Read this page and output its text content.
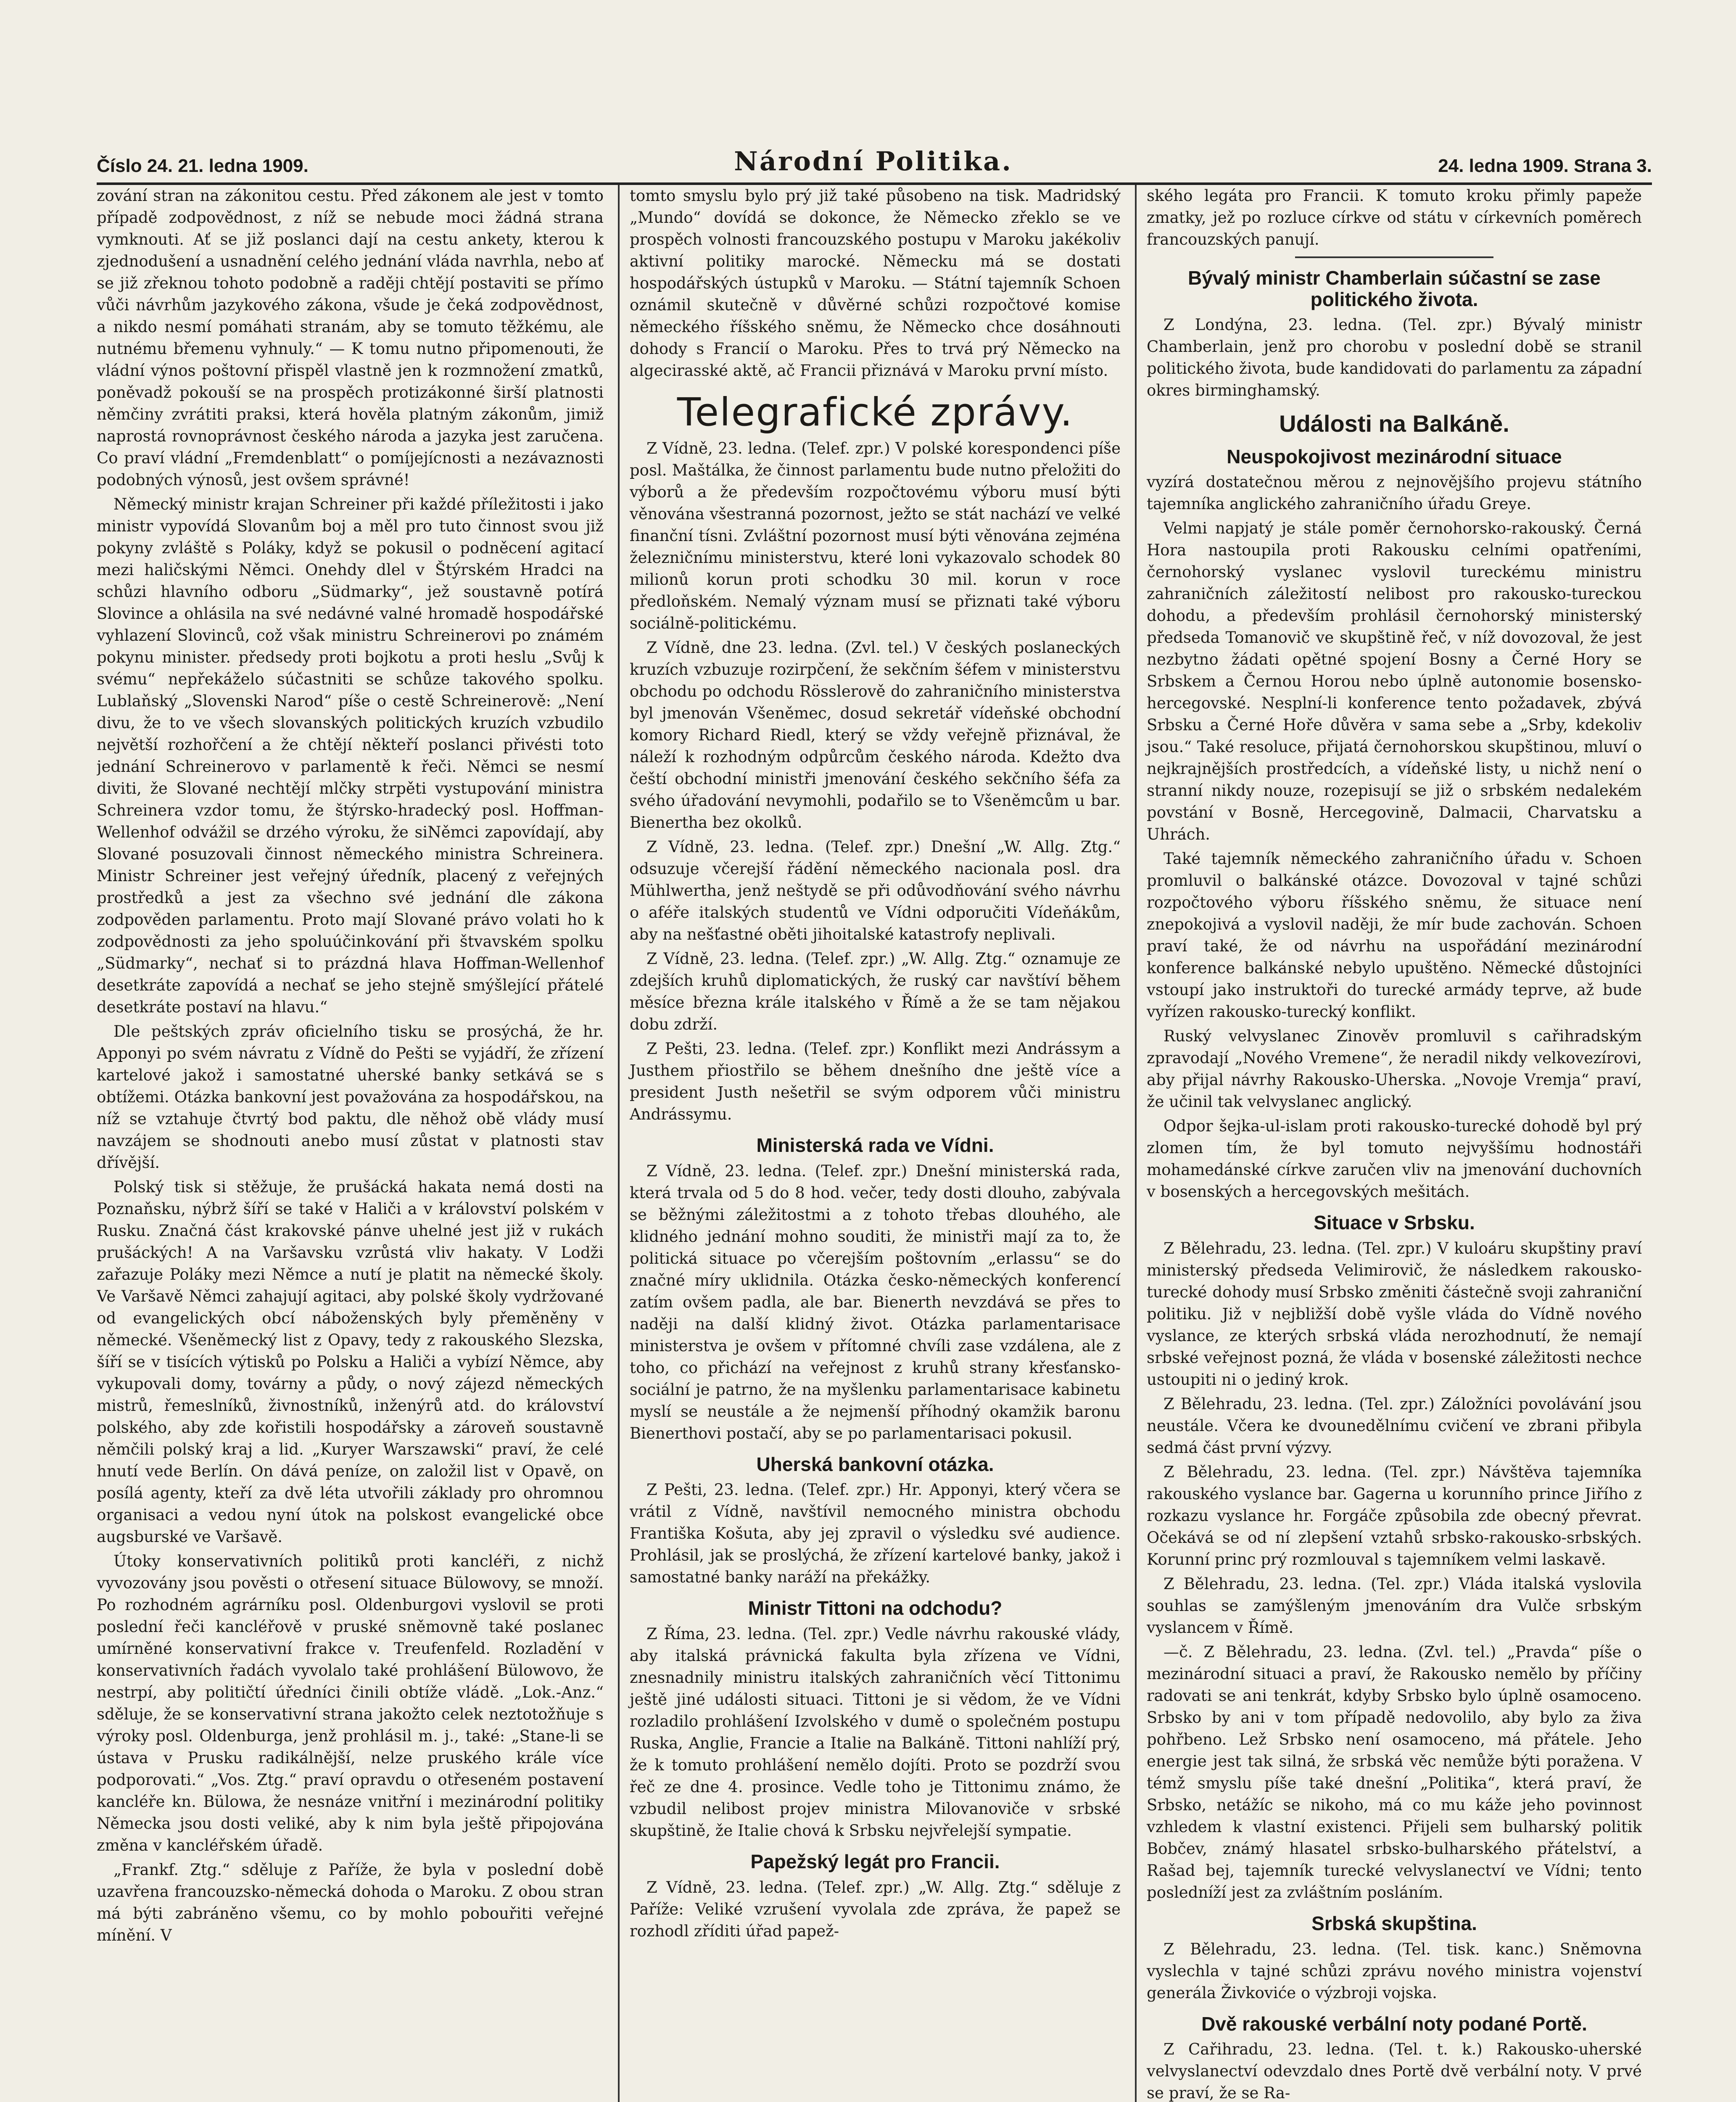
Číslo 24. 21. ledna 1909.	Národní Politika.	24. ledna 1909. Strana 3.

zování stran na zákonitou cestu. Před zákonem ale jest v tomto případě zodpovědnost, z níž se nebude moci žádná strana vymknouti. Ať se již poslanci dají na cestu ankety, kterou k zjednodušení a usnadnění celého jednání vláda navrhla, nebo ať se již zřeknou tohoto podobně a raději chtějí postaviti se přímo vůči návrhům jazykového zákona, všude je čeká zodpovědnost, a nikdo nesmí pomáhati stranám, aby se tomuto těžkému, ale nutnému břemenu vyhnuly.“ — K tomu nutno připomenouti, že vládní výnos poštovní přispěl vlastně jen k rozmnožení zmatků, poněvadž pokouší se na prospěch protizákonné širší platnosti němčiny zvrátiti praksi, která hověla platným zákonům, jimiž naprostá rovnoprávnost českého národa a jazyka jest zaručena. Co praví vládní „Fremdenblatt“ o pomíjejícnosti a nezávaznosti podobných výnosů, jest ovšem správné!

Německý ministr krajan Schreiner při každé příležitosti i jako ministr vypovídá Slovanům boj a měl pro tuto činnost svou již pokyny zvláště s Poláky, když se pokusil o podněcení agitací mezi haličskými Němci. Onehdy dlel v Štýrském Hradci na schůzi hlavního odboru „Südmarky“, jež soustavně potírá Slovince a ohlásila na své nedávné valné hromadě hospodářské vyhlazení Slovinců, což však ministru Schreinerovi po známém pokynu minister. předsedy proti bojkotu a proti heslu „Svůj k svému“ nepřekáželo súčastniti se schůze takového spolku. Lublaňský „Slovenski Narod“ píše o cestě Schreinerově: „Není divu, že to ve všech slovanských politických kruzích vzbudilo největší rozhořčení a že chtějí někteří poslanci přivésti toto jednání Schreinerovo v parlamentě k řeči. Němci se nesmí diviti, že Slované nechtějí mlčky strpěti vystupování ministra Schreinera vzdor tomu, že štýrsko-hradecký posl. Hoffman-Wellenhof odvážil se drzého výroku, že siNěmci zapovídají, aby Slované posuzovali činnost německého ministra Schreinera. Ministr Schreiner jest veřejný úředník, placený z veřejných prostředků a jest za všechno své jednání dle zákona zodpověden parlamentu. Proto mají Slované právo volati ho k zodpovědnosti za jeho spoluúčinkování při štvavském spolku „Südmarky“, nechať si to prázdná hlava Hoffman-Wellenhof desetkráte zapovídá a nechať se jeho stejně smýšlející přátelé desetkráte postaví na hlavu.“

Dle peštských zpráv oficielního tisku se prosýchá, že hr. Apponyi po svém návratu z Vídně do Pešti se vyjádří, že zřízení kartelové jakož i samostatné uherské banky setkává se s obtížemi. Otázka bankovní jest považována za hospodářskou, na níž se vztahuje čtvrtý bod paktu, dle něhož obě vlády musí navzájem se shodnouti anebo musí zůstat v platnosti stav dřívější.

Polský tisk si stěžuje, že prušácká hakata nemá dosti na Poznaňsku, nýbrž šíří se také v Haliči a v království polském v Rusku. Značná část krakovské pánve uhelné jest již v rukách prušáckých! A na Varšavsku vzrůstá vliv hakaty. V Lodži zařazuje Poláky mezi Němce a nutí je platit na německé školy. Ve Varšavě Němci zahajují agitaci, aby polské školy vydržované od evangelických obcí náboženských byly přeměněny v německé. Všeněmecký list z Opavy, tedy z rakouského Slezska, šíří se v tisících výtisků po Polsku a Haliči a vybízí Němce, aby vykupovali domy, továrny a půdy, o nový zájezd německých mistrů, řemeslníků, živnostníků, inženýrů atd. do království polského, aby zde kořistili hospodářsky a zároveň soustavně němčili polský kraj a lid. „Kuryer Warszawski“ praví, že celé hnutí vede Berlín. On dává peníze, on založil list v Opavě, on posílá agenty, kteří za dvě léta utvořili základy pro ohromnou organisaci a vedou nyní útok na polskost evangelické obce augsburské ve Varšavě.

Útoky konservativních politiků proti kancléři, z nichž vyvozovány jsou pověsti o otřesení situace Bülowovy, se množí. Po rozhodném agrárníku posl. Oldenburgovi vyslovil se proti poslední řeči kancléřově v pruské sněmovně také poslanec umírněné konservativní frakce v. Treufenfeld. Rozladění v konservativních řadách vyvolalo také prohlášení Bülowovo, že nestrpí, aby političtí úředníci činili obtíže vládě. „Lok.-Anz.“ sděluje, že se konservativní strana jakožto celek neztotožňuje s výroky posl. Oldenburga, jenž prohlásil m. j., také: „Stane-li se ústava v Prusku radikálnější, nelze pruského krále více podporovati.“ „Vos. Ztg.“ praví opravdu o otřeseném postavení kancléře kn. Bülowa, že nesnáze vnitřní i mezinárodní politiky Německa jsou dosti veliké, aby k nim byla ještě připojována změna v kancléřském úřadě.

„Frankf. Ztg.“ sděluje z Paříže, že byla v poslední době uzavřena francouzsko-německá dohoda o Maroku. Z obou stran má býti zabráněno všemu, co by mohlo pobouřiti veřejné mínění. V

tomto smyslu bylo prý již také působeno na tisk. Madridský „Mundo“ dovídá se dokonce, že Německo zřeklo se ve prospěch volnosti francouzského postupu v Maroku jakékoliv aktivní politiky marocké. Německu má se dostati hospodářských ústupků v Maroku. — Státní tajemník Schoen oznámil skutečně v důvěrné schůzi rozpočtové komise německého říšského sněmu, že Německo chce dosáhnouti dohody s Francií o Maroku. Přes to trvá prý Německo na algecirasské aktě, ač Francii přiznává v Maroku první místo.

Telegrafické zprávy.

Z Vídně, 23. ledna. (Telef. zpr.) V polské korespondenci píše posl. Maštálka, že činnost parlamentu bude nutno přeložiti do výborů a že především rozpočtovému výboru musí býti věnována všestranná pozornost, ježto se stát nachází ve velké finanční tísni. Zvláštní pozornost musí býti věnována zejména železničnímu ministerstvu, které loni vykazovalo schodek 80 milionů korun proti schodku 30 mil. korun v roce předloňském. Nemalý význam musí se přiznati také výboru sociálně-politickému.

Z Vídně, dne 23. ledna. (Zvl. tel.) V českých poslaneckých kruzích vzbuzuje rozirpčení, že sekčním šéfem v ministerstvu obchodu po odchodu Rösslerově do zahraničního ministerstva byl jmenován Všeněmec, dosud sekretář vídeňské obchodní komory Richard Riedl, který se vždy veřejně přiznával, že náleží k rozhodným odpůrcům českého národa. Kdežto dva čeští obchodní ministři jmenování českého sekčního šéfa za svého úřadování nevymohli, podařilo se to Všeněmcům u bar. Bienertha bez okolků.

Z Vídně, 23. ledna. (Telef. zpr.) Dnešní „W. Allg. Ztg.“ odsuzuje včerejší řádění německého nacionala posl. dra Mühlwertha, jenž neštydě se při odůvodňování svého návrhu o aféře italských studentů ve Vídni odporučiti Vídeňákům, aby na nešťastné oběti jihoitalské katastrofy neplivali.

Z Vídně, 23. ledna. (Telef. zpr.) „W. Allg. Ztg.“ oznamuje ze zdejších kruhů diplomatických, že ruský car navštíví během měsíce března krále italského v Římě a že se tam nějakou dobu zdrží.

Z Pešti, 23. ledna. (Telef. zpr.) Konflikt mezi Andrássym a Justhem přiostřilo se během dnešního dne ještě více a president Justh nešetřil se svým odporem vůči ministru Andrássymu.

Ministerská rada ve Vídni.

Z Vídně, 23. ledna. (Telef. zpr.) Dnešní ministerská rada, která trvala od 5 do 8 hod. večer, tedy dosti dlouho, zabývala se běžnými záležitostmi a z tohoto třebas dlouhého, ale klidného jednání mohno souditi, že ministři mají za to, že politická situace po včerejším poštovním „erlassu“ se do značné míry uklidnila. Otázka česko-německých konferencí zatím ovšem padla, ale bar. Bienerth nevzdává se přes to naději na další klidný život. Otázka parlamentarisace ministerstva je ovšem v přítomné chvíli zase vzdálena, ale z toho, co přichází na veřejnost z kruhů strany křesťansko-sociální je patrno, že na myšlenku parlamentarisace kabinetu myslí se neustále a že nejmenší příhodný okamžik baronu Bienerthovi postačí, aby se po parlamentarisaci pokusil.

Uherská bankovní otázka.

Z Pešti, 23. ledna. (Telef. zpr.) Hr. Apponyi, který včera se vrátil z Vídně, navštívil nemocného ministra obchodu Františka Košuta, aby jej zpravil o výsledku své audience. Prohlásil, jak se proslýchá, že zřízení kartelové banky, jakož i samostatné banky naráží na překážky.

Ministr Tittoni na odchodu?

Z Říma, 23. ledna. (Tel. zpr.) Vedle návrhu rakouské vlády, aby italská právnická fakulta byla zřízena ve Vídni, znesnadnily ministru italských zahraničních věcí Tittonimu ještě jiné události situaci. Tittoni je si vědom, že ve Vídni rozladilo prohlášení Izvolského v dumě o společném postupu Ruska, Anglie, Francie a Italie na Balkáně. Tittoni nahlíží prý, že k tomuto prohlášení nemělo dojíti. Proto se pozdrží svou řeč ze dne 4. prosince. Vedle toho je Tittonimu známo, že vzbudil nelibost projev ministra Milovanoviče v srbské skupštině, že Italie chová k Srbsku nejvřelejší sympatie.

Papežský legát pro Francii.

Z Vídně, 23. ledna. (Telef. zpr.) „W. Allg. Ztg.“ sděluje z Paříže: Veliké vzrušení vyvolala zde zpráva, že papež se rozhodl zříditi úřad papež-

ského legáta pro Francii. K tomuto kroku přimly papeže zmatky, jež po rozluce církve od státu v církevních poměrech francouzských panují.

Bývalý ministr Chamberlain súčastní se zase politického života.

Z Londýna, 23. ledna. (Tel. zpr.) Bývalý ministr Chamberlain, jenž pro chorobu v poslední době se stranil politického života, bude kandidovati do parlamentu za západní okres birminghamský.

Události na Balkáně.
Neuspokojivost mezinárodní situace

vyzírá dostatečnou měrou z nejnovějšího projevu státního tajemníka anglického zahraničního úřadu Greye.

Velmi napjatý je stále poměr černohorsko-rakouský. Černá Hora nastoupila proti Rakousku celními opatřeními, černohorský vyslanec vyslovil tureckému ministru zahraničních záležitostí nelibost pro rakousko-tureckou dohodu, a především prohlásil černohorský ministerský předseda Tomanovič ve skupštině řeč, v níž dovozoval, že jest nezbytno žádati opětné spojení Bosny a Černé Hory se Srbskem a Černou Horou nebo úplně autonomie bosensko-hercegovské. Nesplní-li konference tento požadavek, zbývá Srbsku a Černé Hoře důvěra v sama sebe a „Srby, kdekoliv jsou.“ Také resoluce, přijatá černohorskou skupštinou, mluví o nejkrajnějších prostředcích, a vídeňské listy, u nichž není o stranní nikdy nouze, rozepisují se již o srbském nedalekém povstání v Bosně, Hercegovině, Dalmacii, Charvatsku a Uhrách.

Také tajemník německého zahraničního úřadu v. Schoen promluvil o balkánské otázce. Dovozoval v tajné schůzi rozpočtového výboru říšského sněmu, že situace není znepokojivá a vyslovil naději, že mír bude zachován. Schoen praví také, že od návrhu na uspořádání mezinárodní konference balkánské nebylo upuštěno. Německé důstojníci vstoupí jako instruktoři do turecké armády teprve, až bude vyřízen rakousko-turecký konflikt.

Ruský velvyslanec Zinověv promluvil s cařihradským zpravodají „Nového Vremene“, že neradil nikdy velkovezírovi, aby přijal návrhy Rakousko-Uherska. „Novoje Vremja“ praví, že učinil tak velvyslanec anglický.

Odpor šejka-ul-islam proti rakousko-turecké dohodě byl prý zlomen tím, že byl tomuto nejvyššímu hodnostáři mohamedánské církve zaručen vliv na jmenování duchovních v bosenských a hercegovských mešitách.

Situace v Srbsku.

Z Bělehradu, 23. ledna. (Tel. zpr.) V kuloáru skupštiny praví ministerský předseda Velimirovič, že následkem rakousko-turecké dohody musí Srbsko změniti částečně svoji zahraniční politiku. Již v nejbližší době vyšle vláda do Vídně nového vyslance, ze kterých srbská vláda nerozhodnutí, že nemají srbské veřejnost pozná, že vláda v bosenské záležitosti nechce ustoupiti ni o jediný krok.

Z Bělehradu, 23. ledna. (Tel. zpr.) Záložníci povolávání jsou neustále. Včera ke dvounedělnímu cvičení ve zbrani přibyla sedmá část první výzvy.

Z Bělehradu, 23. ledna. (Tel. zpr.) Návštěva tajemníka rakouského vyslance bar. Gagerna u korunního prince Jiřího z rozkazu vyslance hr. Forgáče způsobila zde obecný převrat. Očekává se od ní zlepšení vztahů srbsko-rakousko-srbských. Korunní princ prý rozmlouval s tajemníkem velmi laskavě.

Z Bělehradu, 23. ledna. (Tel. zpr.) Vláda italská vyslovila souhlas se zamýšleným jmenováním dra Vulče srbským vyslancem v Římě.

—č. Z Bělehradu, 23. ledna. (Zvl. tel.) „Pravda“ píše o mezinárodní situaci a praví, že Rakousko nemělo by příčiny radovati se ani tenkrát, kdyby Srbsko bylo úplně osamoceno. Srbsko by ani v tom případě nedovolilo, aby bylo za živa pohřbeno. Lež Srbsko není osamoceno, má přátele. Jeho energie jest tak silná, že srbská věc nemůže býti poražena. V témž smyslu píše také dnešní „Politika“, která praví, že Srbsko, netážíc se nikoho, má co mu káže jeho povinnost vzhledem k vlastní existenci. Přijeli sem bulharský politik Bobčev, známý hlasatel srbsko-bulharského přátelství, a Rašad bej, tajemník turecké velvyslanectví ve Vídni; tento posledníží jest za zvláštním posláním.

Srbská skupština.

Z Bělehradu, 23. ledna. (Tel. tisk. kanc.) Sněmovna vyslechla v tajné schůzi zprávu nového ministra vojenství generála Živkoviće o výzbroji vojska.

Dvě rakouské verbální noty podané Portě.

Z Cařihradu, 23. ledna. (Tel. t. k.) Rakousko-uherské velvyslanectví odevzdalo dnes Portě dvě verbální noty. V prvé se praví, že se Ra-
